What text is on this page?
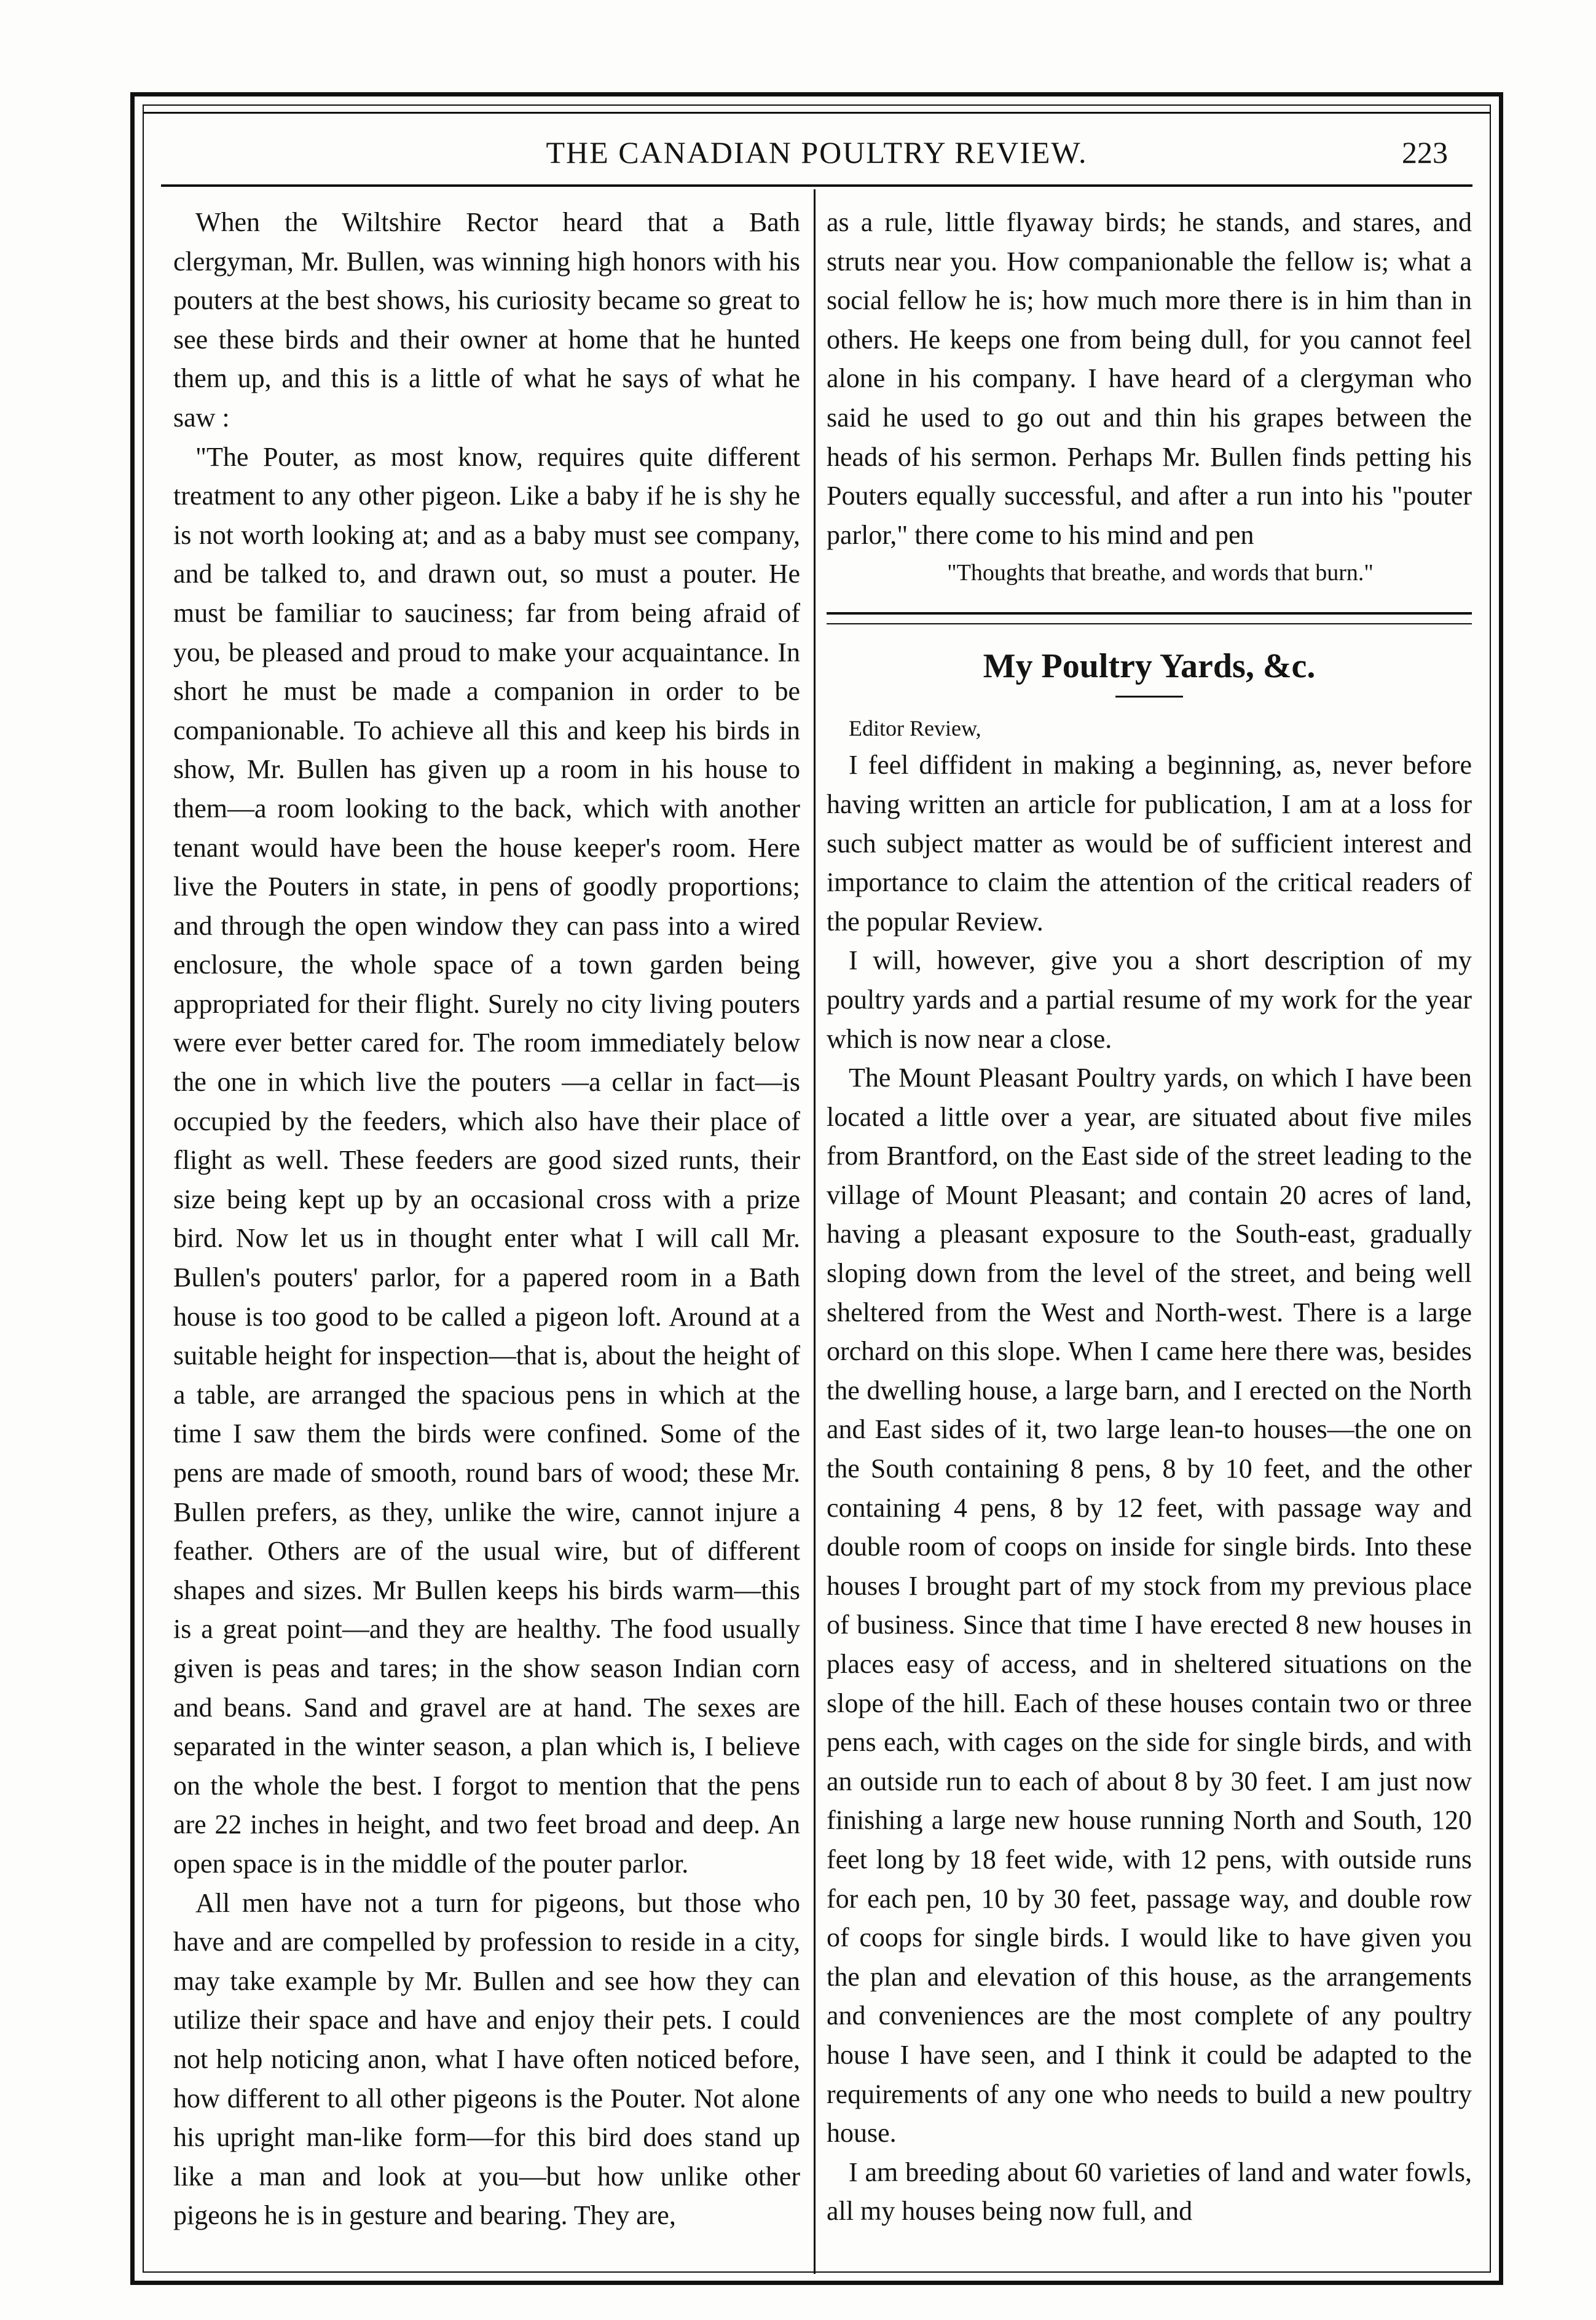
THE CANADIAN POULTRY REVIEW.	223

When the Wiltshire Rector heard that a Bath clergyman, Mr. Bullen, was winning high honors with his pouters at the best shows, his curiosity became so great to see these birds and their owner at home that he hunted them up, and this is a little of what he says of what he saw :

"The Pouter, as most know, requires quite different treatment to any other pigeon. Like a baby if he is shy he is not worth looking at; and as a baby must see company, and be talked to, and drawn out, so must a pouter. He must be familiar to sauciness; far from being afraid of you, be pleased and proud to make your acquaintance. In short he must be made a companion in order to be companionable. To achieve all this and keep his birds in show, Mr. Bullen has given up a room in his house to them—a room looking to the back, which with another tenant would have been the house keeper's room. Here live the Pouters in state, in pens of goodly proportions; and through the open window they can pass into a wired enclosure, the whole space of a town garden being appropriated for their flight. Surely no city living pouters were ever better cared for. The room immediately below the one in which live the pouters —a cellar in fact—is occupied by the feeders, which also have their place of flight as well. These feeders are good sized runts, their size being kept up by an occasional cross with a prize bird. Now let us in thought enter what I will call Mr. Bullen's pouters' parlor, for a papered room in a Bath house is too good to be called a pigeon loft. Around at a suitable height for inspection—that is, about the height of a table, are arranged the spacious pens in which at the time I saw them the birds were confined. Some of the pens are made of smooth, round bars of wood; these Mr. Bullen prefers, as they, unlike the wire, cannot injure a feather. Others are of the usual wire, but of different shapes and sizes. Mr Bullen keeps his birds warm—this is a great point—and they are healthy. The food usually given is peas and tares; in the show season Indian corn and beans. Sand and gravel are at hand. The sexes are separated in the winter season, a plan which is, I believe on the whole the best. I forgot to mention that the pens are 22 inches in height, and two feet broad and deep. An open space is in the middle of the pouter parlor.

All men have not a turn for pigeons, but those who have and are compelled by profession to reside in a city, may take example by Mr. Bullen and see how they can utilize their space and have and enjoy their pets. I could not help noticing anon, what I have often noticed before, how different to all other pigeons is the Pouter. Not alone his upright man-like form—for this bird does stand up like a man and look at you—but how unlike other pigeons he is in gesture and bearing. They are,

as a rule, little flyaway birds; he stands, and stares, and struts near you. How companionable the fellow is; what a social fellow he is; how much more there is in him than in others. He keeps one from being dull, for you cannot feel alone in his company. I have heard of a clergyman who said he used to go out and thin his grapes between the heads of his sermon. Perhaps Mr. Bullen finds petting his Pouters equally successful, and after a run into his "pouter parlor," there come to his mind and pen

"Thoughts that breathe, and words that burn."

My Poultry Yards, &c.

Editor Review,

I feel diffident in making a beginning, as, never before having written an article for publication, I am at a loss for such subject matter as would be of sufficient interest and importance to claim the attention of the critical readers of the popular Review.

I will, however, give you a short description of my poultry yards and a partial resume of my work for the year which is now near a close.

The Mount Pleasant Poultry yards, on which I have been located a little over a year, are situated about five miles from Brantford, on the East side of the street leading to the village of Mount Pleasant; and contain 20 acres of land, having a pleasant exposure to the South-east, gradually sloping down from the level of the street, and being well sheltered from the West and North-west. There is a large orchard on this slope. When I came here there was, besides the dwelling house, a large barn, and I erected on the North and East sides of it, two large lean-to houses—the one on the South containing 8 pens, 8 by 10 feet, and the other containing 4 pens, 8 by 12 feet, with passage way and double room of coops on inside for single birds. Into these houses I brought part of my stock from my previous place of business. Since that time I have erected 8 new houses in places easy of access, and in sheltered situations on the slope of the hill. Each of these houses contain two or three pens each, with cages on the side for single birds, and with an outside run to each of about 8 by 30 feet. I am just now finishing a large new house running North and South, 120 feet long by 18 feet wide, with 12 pens, with outside runs for each pen, 10 by 30 feet, passage way, and double row of coops for single birds. I would like to have given you the plan and elevation of this house, as the arrangements and conveniences are the most complete of any poultry house I have seen, and I think it could be adapted to the requirements of any one who needs to build a new poultry house.

I am breeding about 60 varieties of land and water fowls, all my houses being now full, and
